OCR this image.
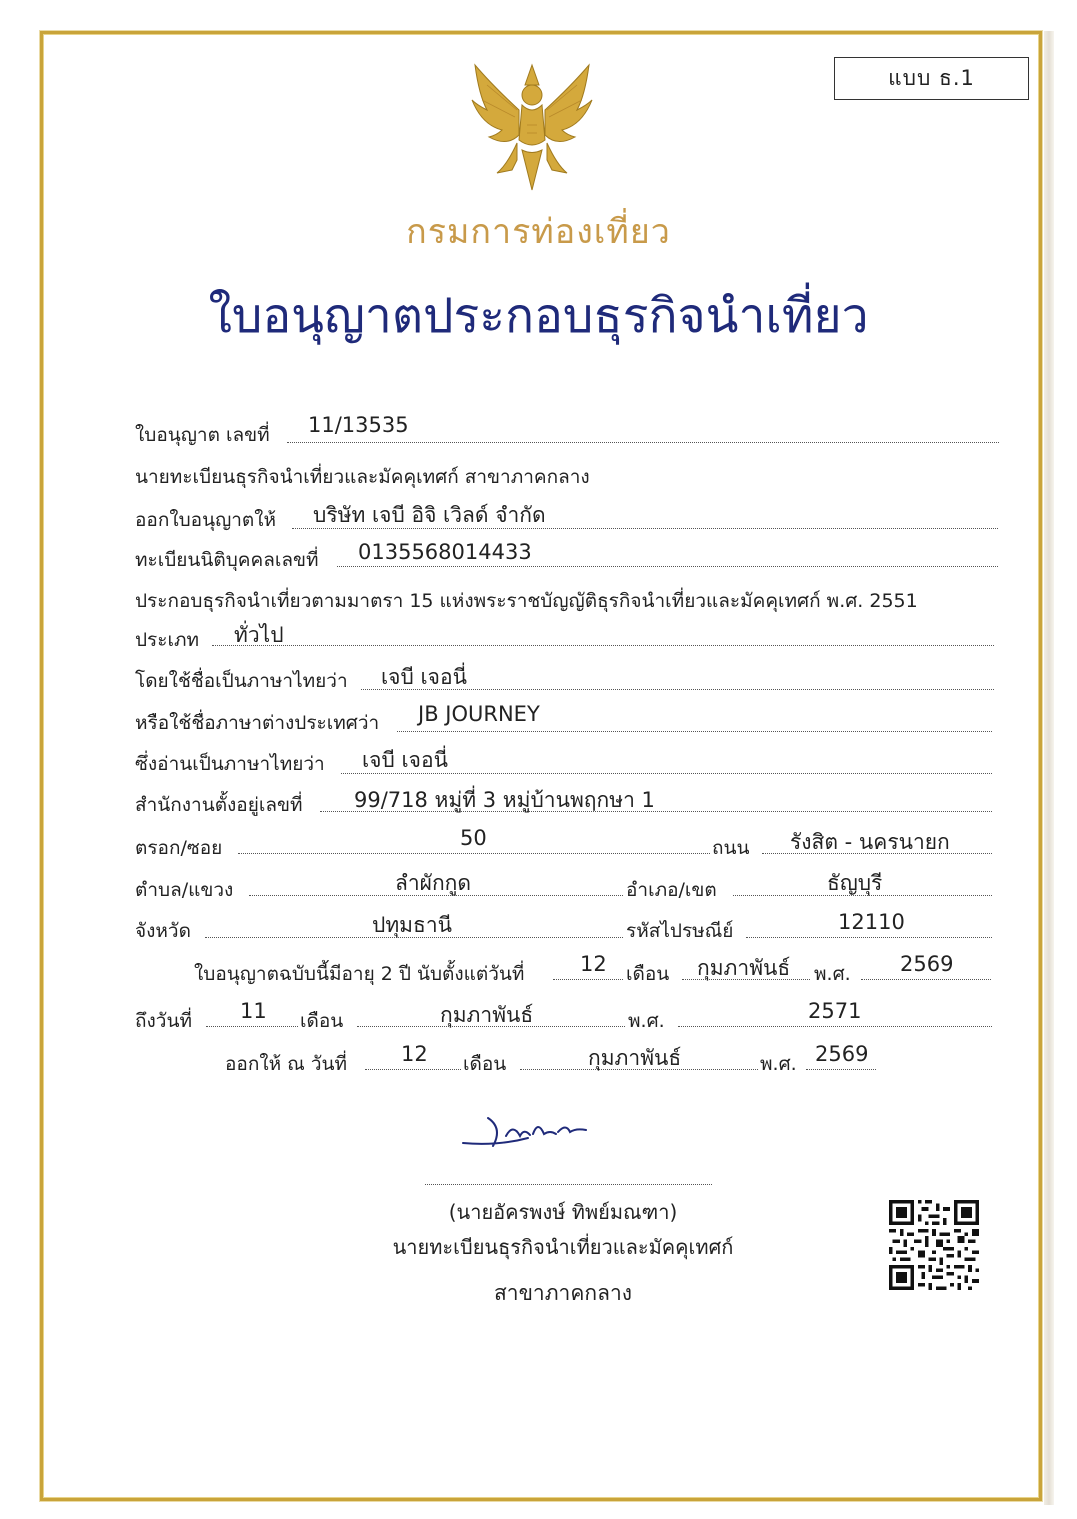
แบบ ธ.1
กรมการท่องเที่ยว
ใบอนุญาตประกอบธุรกิจนำเที่ยว
ใบอนุญาต เลขที่ 11/13535
นายทะเบียนธุรกิจนำเที่ยวและมัคคุเทศก์ สาขาภาคกลาง
ออกใบอนุญาตให้ บริษัท เจบี อิจิ เวิลด์ จำกัด
ทะเบียนนิติบุคคลเลขที่ 0135568014433
ประกอบธุรกิจนำเที่ยวตามมาตรา 15 แห่งพระราชบัญญัติธุรกิจนำเที่ยวและมัคคุเทศก์ พ.ศ. 2551
ประเภท ทั่วไป
โดยใช้ชื่อเป็นภาษาไทยว่า เจบี เจอนี่
หรือใช้ชื่อภาษาต่างประเทศว่า JB JOURNEY
ซึ่งอ่านเป็นภาษาไทยว่า เจบี เจอนี่
สำนักงานตั้งอยู่เลขที่ 99/718 หมู่ที่ 3 หมู่บ้านพฤกษา 1
ตรอก/ซอย	50	ถนน รังสิต - นครนายก
ตำบล/แขวง	ลำผักกูด	อำเภอ/เขต	ธัญบุรี
จังหวัด	ปทุมธานี	รหัสไปรษณีย์	12110
ใบอนุญาตฉบับนี้มีอายุ 2 ปี นับตั้งแต่วันที่	12 เดือน กุมภาพันธ์ พ.ศ. 2569
ถึงวันที่ 11 เดือน	กุมภาพันธ์	พ.ศ.	2571
ออกให้ ณ วันที่	12 เดือน	กุมภาพันธ์	พ.ศ. 2569
(นายอัครพงษ์ ทิพย์มณฑา)
นายทะเบียนธุรกิจนำเที่ยวและมัคคุเทศก์
สาขาภาคกลาง
